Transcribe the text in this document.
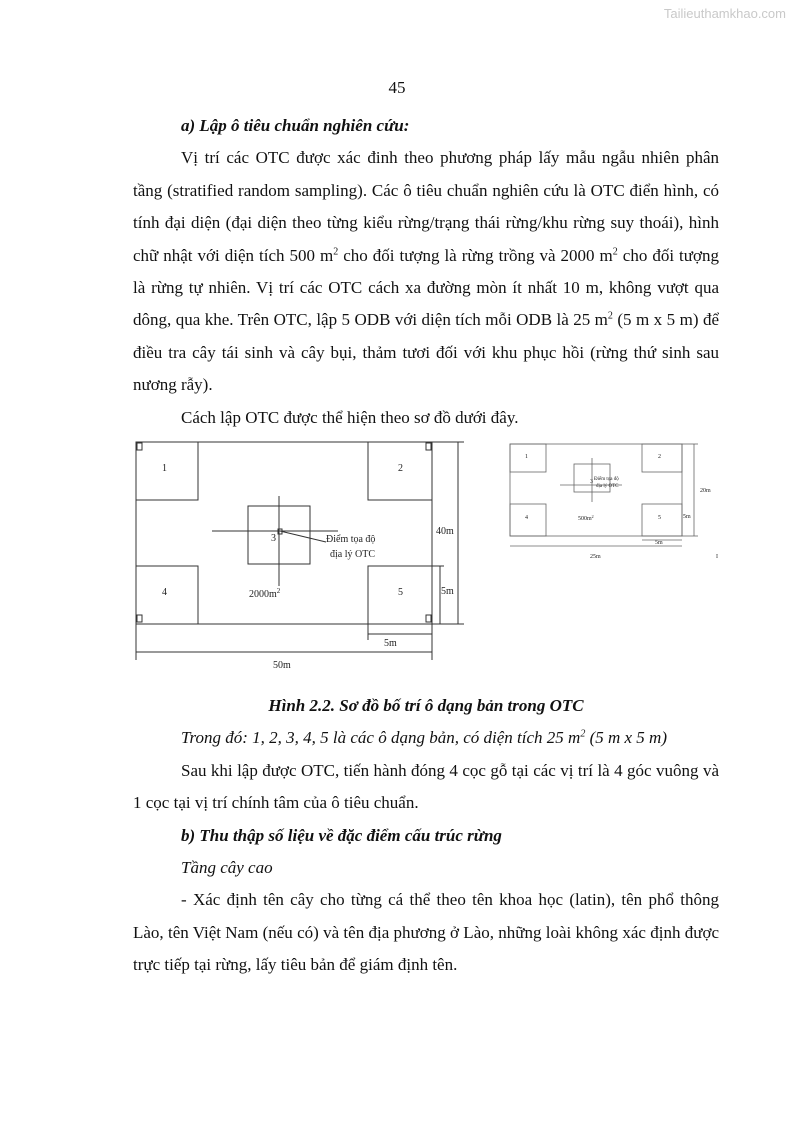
Tailieuthamkhao.com
45

a) Lập ô tiêu chuẩn nghiên cứu:

Vị trí các OTC được xác đinh theo phương pháp lấy mẫu ngẫu nhiên phân tầng (stratified random sampling). Các ô tiêu chuẩn nghiên cứu là OTC điển hình, có tính đại diện (đại diện theo từng kiểu rừng/trạng thái rừng/khu rừng suy thoái), hình chữ nhật với diện tích 500 $m^2$ cho đối tượng là rừng trồng và 2000 $m^2$ cho đối tượng là rừng tự nhiên. Vị trí các OTC cách xa đường mòn ít nhất 10 m, không vượt qua dông, qua khe. Trên OTC, lập 5 ODB với diện tích mỗi ODB là 25 $m^2$ (5 m x 5 m) để điều tra cây tái sinh và cây bụi, thảm tươi đối với khu phục hồi (rừng thứ sinh sau nương rẫy).

Cách lập OTC được thể hiện theo sơ đồ dưới đây.

1	2
3
4	5
Điểm tọa độ
địa lý OTC
$2000m^2$
50m
5m
40m
5m
1	2
3
4	5
Điểm tọa độ
địa lý OTC
$500m^2$
25m
5m
20m
5m
I

Hình 2.2. Sơ đồ bố trí ô dạng bản trong OTC

Trong đó: 1, 2, 3, 4, 5 là các ô dạng bản, có diện tích 25 $m^2$ (5 m x 5 m)

Sau khi lập được OTC, tiến hành đóng 4 cọc gỗ tại các vị trí là 4 góc vuông và 1 cọc tại vị trí chính tâm của ô tiêu chuẩn.

b) Thu thập số liệu về đặc điểm cấu trúc rừng

Tầng cây cao

- Xác định tên cây cho từng cá thể theo tên khoa học (latin), tên phổ thông Lào, tên Việt Nam (nếu có) và tên địa phương ở Lào, những loài không xác định được trực tiếp tại rừng, lấy tiêu bản để giám định tên.
